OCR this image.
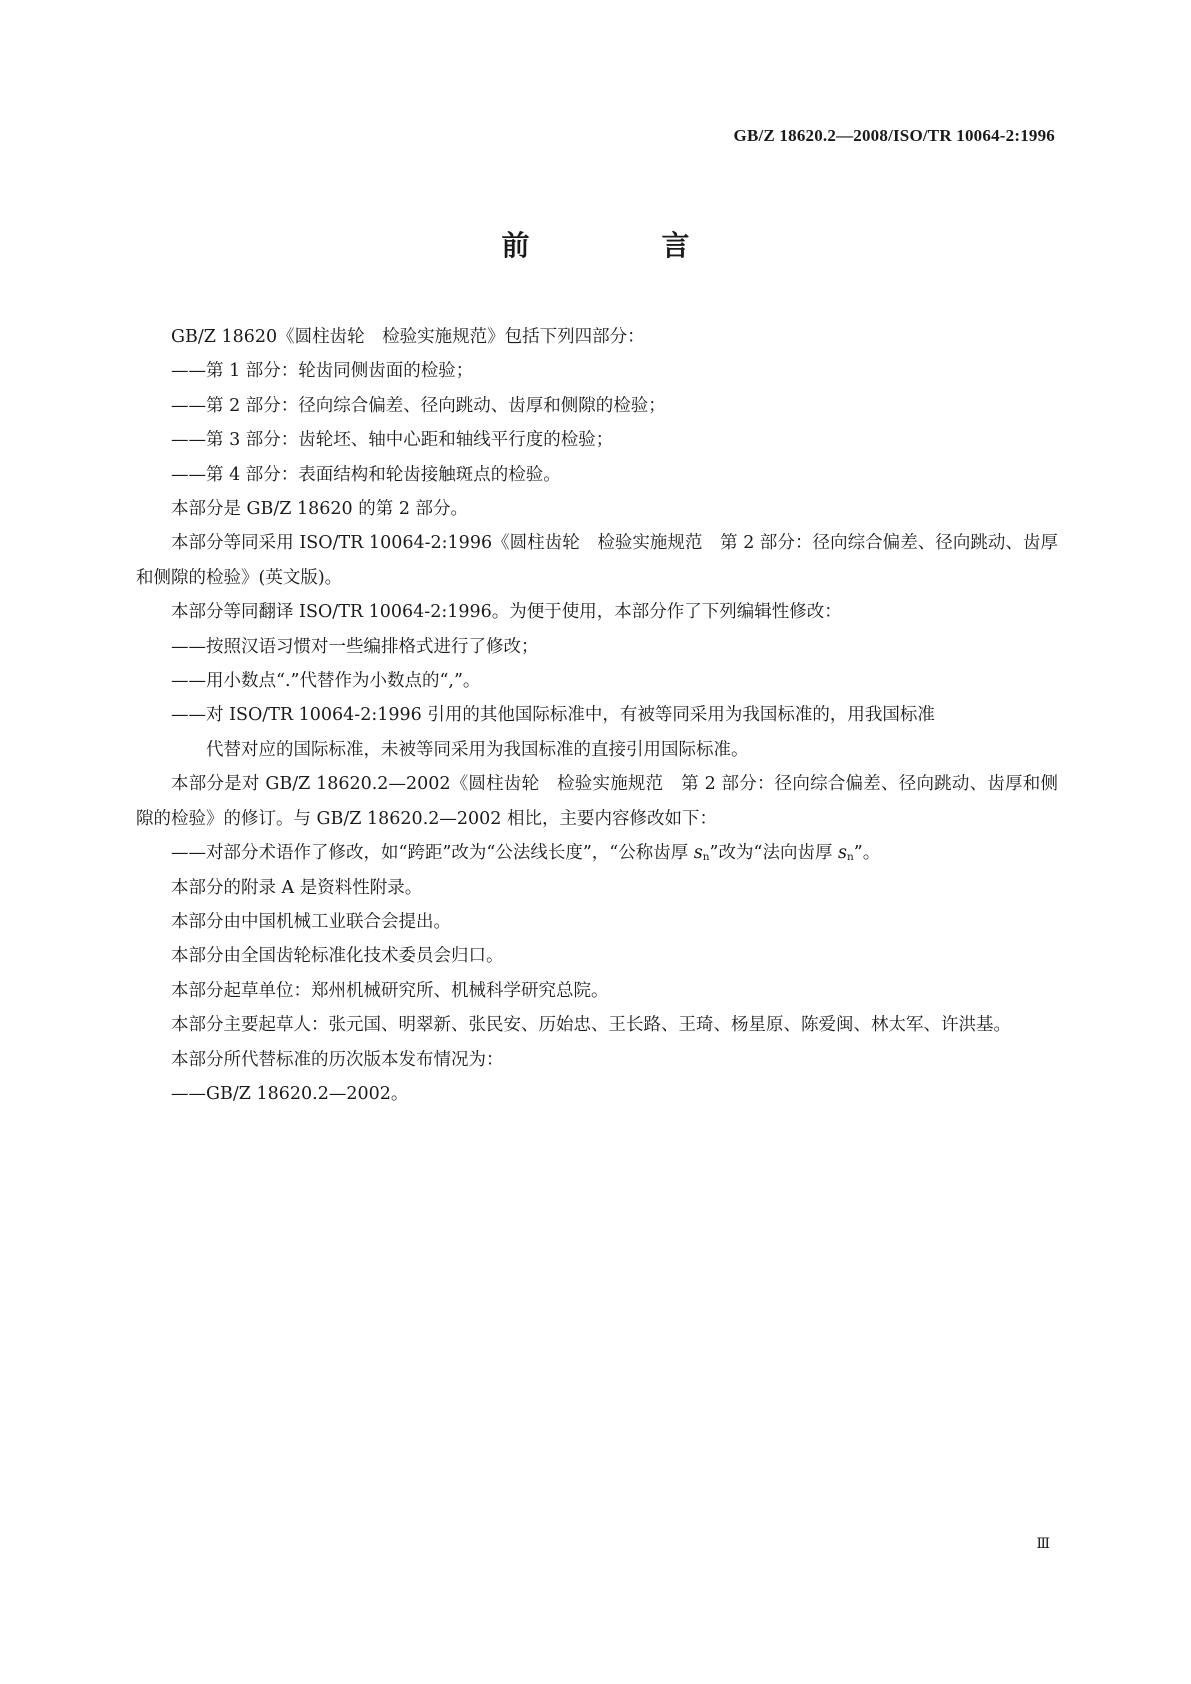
GB/Z 18620.2—2008/ISO/TR 10064-2:1996
前　言

GB/Z 18620《圆柱齿轮　检验实施规范》包括下列四部分：

——第 1 部分：轮齿同侧齿面的检验；

——第 2 部分：径向综合偏差、径向跳动、齿厚和侧隙的检验；

——第 3 部分：齿轮坯、轴中心距和轴线平行度的检验；

——第 4 部分：表面结构和轮齿接触斑点的检验。

本部分是 GB/Z 18620 的第 2 部分。

本部分等同采用 ISO/TR 10064-2:1996《圆柱齿轮　检验实施规范　第 2 部分：径向综合偏差、径向跳动、齿厚和侧隙的检验》(英文版)。

本部分等同翻译 ISO/TR 10064-2:1996。为便于使用，本部分作了下列编辑性修改：

——按照汉语习惯对一些编排格式进行了修改；

——用小数点“.”代替作为小数点的“,”。

——对 ISO/TR 10064-2:1996 引用的其他国际标准中，有被等同采用为我国标准的，用我国标准

代替对应的国际标准，未被等同采用为我国标准的直接引用国际标准。

本部分是对 GB/Z 18620.2—2002《圆柱齿轮　检验实施规范　第 2 部分：径向综合偏差、径向跳动、齿厚和侧隙的检验》的修订。与 GB/Z 18620.2—2002 相比，主要内容修改如下：

——对部分术语作了修改，如“跨距”改为“公法线长度”，“公称齿厚 $s_n$”改为“法向齿厚 $s_n$”。

本部分的附录 A 是资料性附录。

本部分由中国机械工业联合会提出。

本部分由全国齿轮标准化技术委员会归口。

本部分起草单位：郑州机械研究所、机械科学研究总院。

本部分主要起草人：张元国、明翠新、张民安、历始忠、王长路、王琦、杨星原、陈爱闽、林太军、许洪基。

本部分所代替标准的历次版本发布情况为：

——GB/Z 18620.2—2002。

Ⅲ
